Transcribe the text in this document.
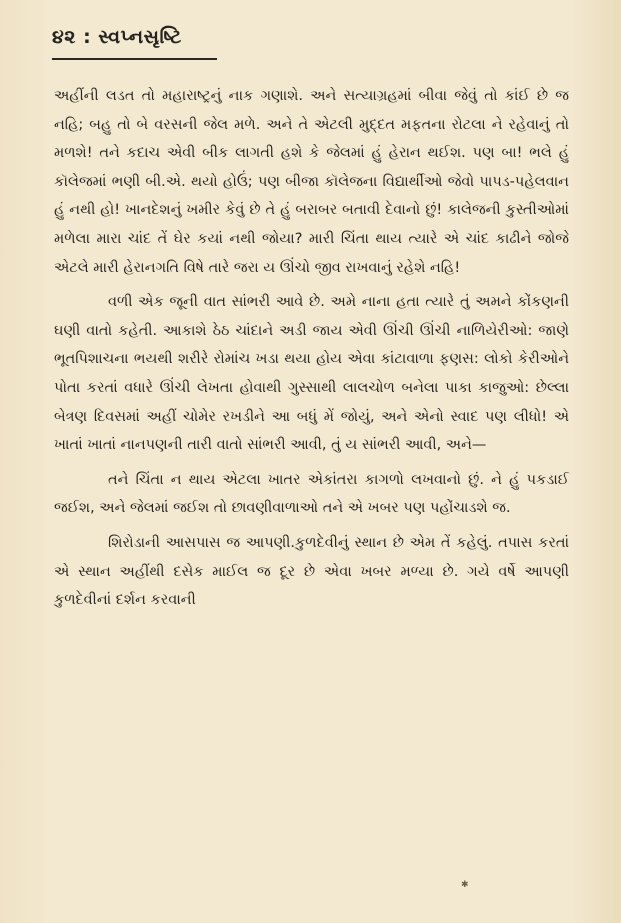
૪૨ : સ્વપ્નસૃષ્ટિ

અહીંની લડત તો મહારાષ્ટ્રનું નાક ગણાશે. અને સત્યાગ્રહમાં બીવા જેવું તો કાંઈ છે જ નહિ; બહુ તો બે વરસની જેલ મળે. અને તે એટલી મુદ્દત મફતના રોટલા ને રહેવાનું તો મળશે! તને કદાચ એવી બીક લાગતી હશે કે જેલમાં હું હેરાન થઈશ. પણ બા! ભલે હું કૉલેજમાં ભણી બી.એ. થયો હોઉં; પણ બીજા કૉલેજના વિદ્યાર્થીઓ જેવો પાપડ-પહેલવાન હું નથી હો! ખાનદેશનું ખમીર કેવું છે તે હું બરાબર બતાવી દેવાનો છું! કાલેજની કુસ્તીઓમાં મળેલા મારા ચાંદ તેં ઘેર કયાં નથી જોયા? મારી ચિંતા થાય ત્યારે એ ચાંદ કાઢીને જોજે એટલે મારી હેરાનગતિ વિષે તારે જરા ય ઊંચો જીવ રાખવાનું રહેશે નહિ!

વળી એક જૂની વાત સાંભરી આવે છે. અમે નાના હતા ત્યારે તું અમને કોંકણની ઘણી વાતો કહેતી. આકાશે ઠેઠ ચાંદાને અડી જાય એવી ઊંચી ઊંચી નાળિયેરીઓ: જાણે ભૂતપિશાચના ભયથી શરીરે રોમાંચ ખડા થયા હોય એવા કાંટાવાળા ફણસ: લોકો કેરીઓને પોતા કરતાં વધારે ઊંચી લેખતા હોવાથી ગુસ્સાથી લાલચોળ બનેલા પાકા કાજુઓ: છેલ્લા બેત્રણ દિવસમાં અહીં ચોમેર રખડીને આ બધું મેં જોયું, અને એનો સ્વાદ પણ લીધો! એ ખાતાં ખાતાં નાનપણની તારી વાતો સાંભરી આવી, તું ય સાંભરી આવી, અને—

તને ચિંતા ન થાય એટલા ખાતર એકાંતરા કાગળો લખવાનો છું. ને હું પકડાઈ જઈશ, અને જેલમાં જઈશ તો છાવણીવાળાઓ તને એ ખબર પણ પહોંચાડશે જ.

શિરોડાની આસપાસ જ આપણી.કુળદેવીનું સ્થાન છે એમ તેં કહેલું. તપાસ કરતાં એ સ્થાન અહીંથી દસેક માઈલ જ દૂર છે એવા ખબર મળ્યા છે. ગયે વર્ષે આપણી કુળદેવીનાં દર્શન કરવાની

✱
